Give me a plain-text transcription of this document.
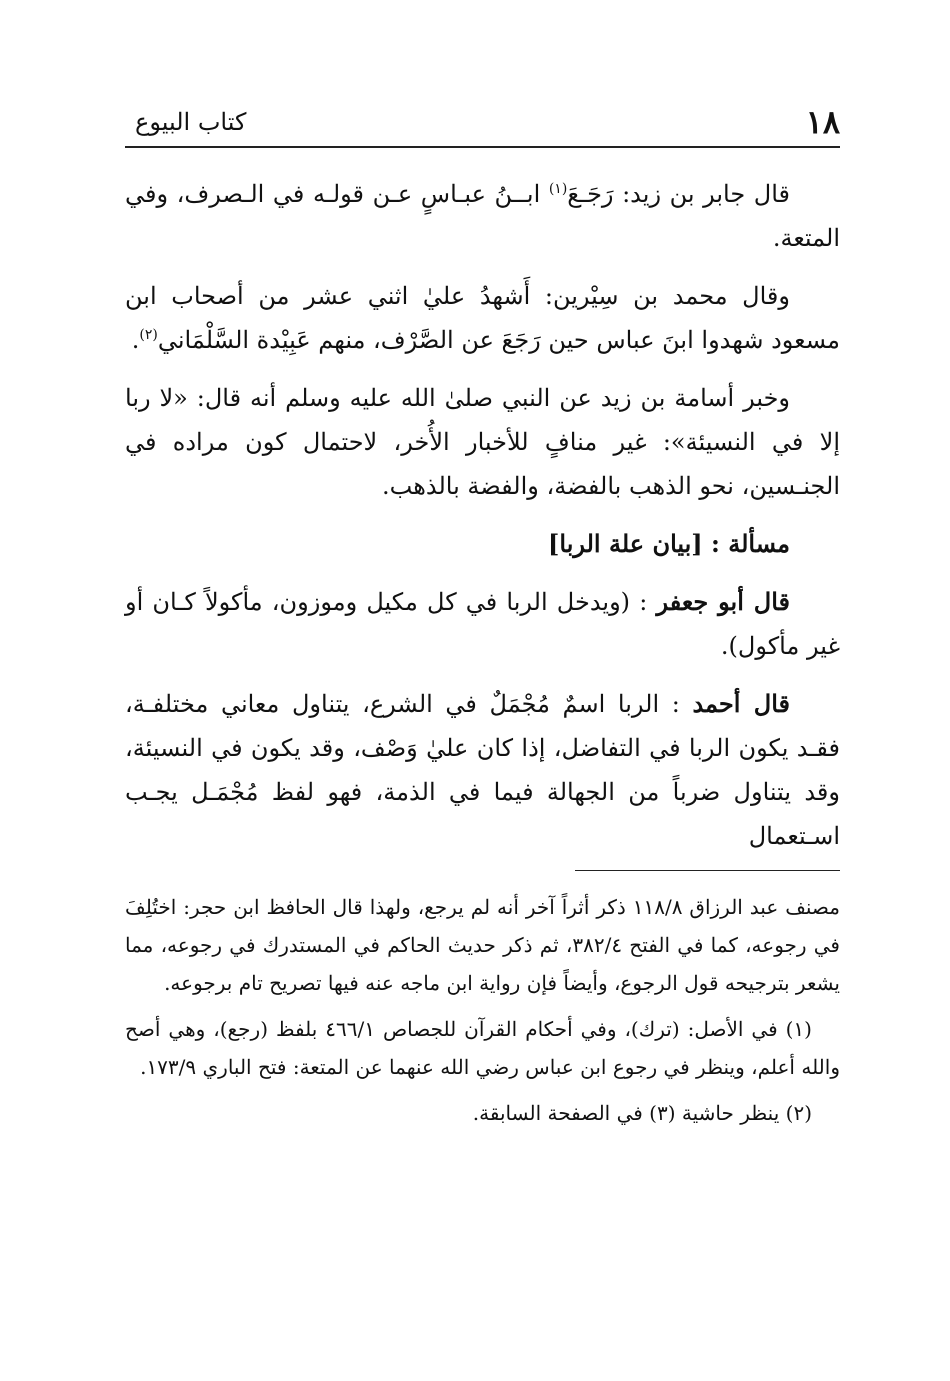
١٨
كتاب البيوع

قال جابر بن زيد: رَجَـعَ$^{(١)}$ ابــنُ عبـاسٍ عـن قولـه في الـصرف، وفي المتعة.

وقال محمد بن سِيْرين: أَشهدُ عليٰ اثني عشر من أصحاب ابن مسعود شهدوا ابنَ عباس حين رَجَعَ عن الصَّرْف، منهم عَبِيْدة السَّلْمَاني$^{(٢)}$.

وخبر أسامة بن زيد عن النبي صلىٰ الله عليه وسلم أنه قال: «لا ربا إلا في النسيئة»: غير منافٍ للأخبار الأُخر، لاحتمال كون مراده في الجنـسين، نحو الذهب بالفضة، والفضة بالذهب.

مسألة : [بيان علة الربا]

قال أبو جعفر : (ويدخل الربا في كل مكيل وموزون، مأكولاً كـان أو غير مأكول).

قال أحمد : الربا اسمٌ مُجْمَلٌ في الشرع، يتناول معاني مختلفـة، فقـد يكون الربا في التفاضل، إذا كان عليٰ وَصْف، وقد يكون في النسيئة، وقد يتناول ضرباً من الجهالة فيما في الذمة، فهو لفظ مُجْمَـل يجـب اسـتعمال

مصنف عبد الرزاق ١١٨/٨ ذكر أثراً آخر أنه لم يرجع، ولهذا قال الحافظ ابن حجر: اختُلِفَ في رجوعه، كما في الفتح ٣٨٢/٤، ثم ذكر حديث الحاكم في المستدرك في رجوعه، مما يشعر بترجيحه قول الرجوع، وأيضاً فإن رواية ابن ماجه عنه فيها تصريح تام برجوعه.

(١) في الأصل: (ترك)، وفي أحكام القرآن للجصاص ٤٦٦/١ بلفظ (رجع)، وهي أصح والله أعلم، وينظر في رجوع ابن عباس رضي الله عنهما عن المتعة: فتح الباري ١٧٣/٩.

(٢) ينظر حاشية (٣) في الصفحة السابقة.
